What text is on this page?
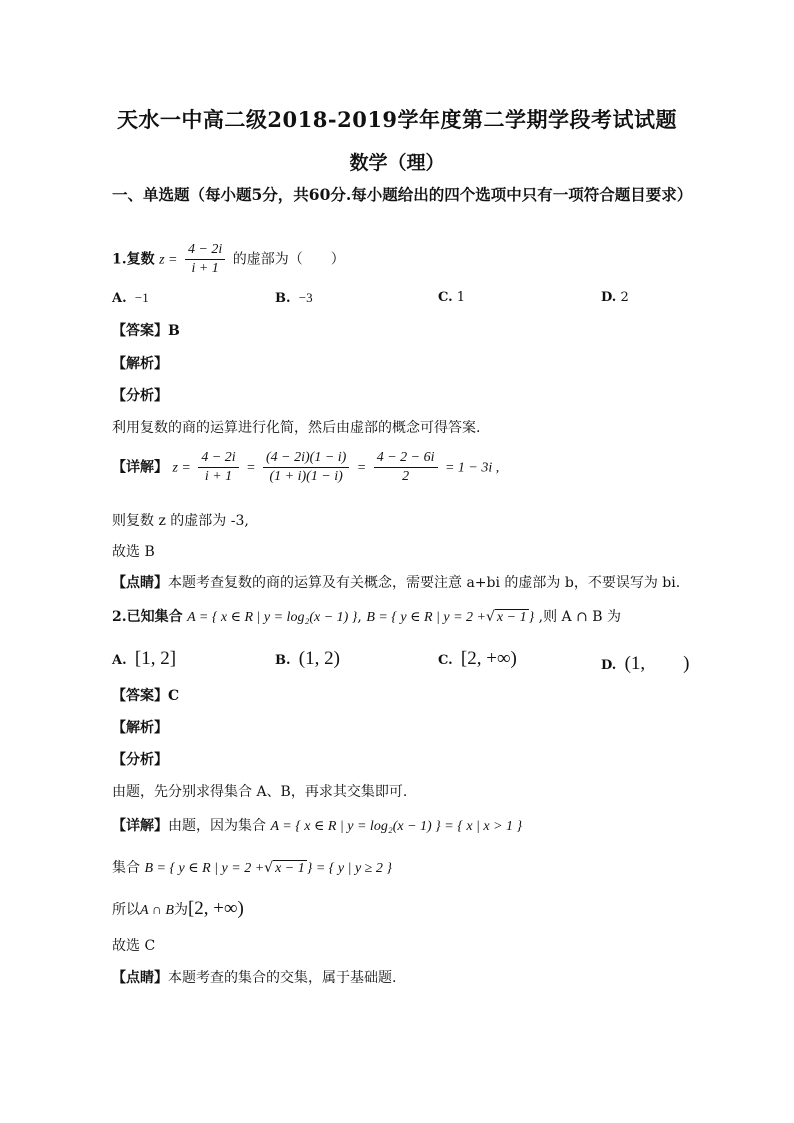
天水一中高二级2018-2019学年度第二学期学段考试试题
数学（理）
一、单选题（每小题5分，共60分.每小题给出的四个选项中只有一项符合题目要求）
1.复数 $z = \frac{4 - 2i}{i + 1}$ 的虚部为（　　）
A. −1	B. −3	C. 1	D. 2
【答案】B
【解析】
【分析】
利用复数的商的运算进行化简，然后由虚部的概念可得答案.
【详解】 $z = \frac{4 - 2i}{i + 1} = \frac{(4 - 2i)(1 - i)}{(1 + i)(1 - i)} = \frac{4 - 2 - 6i}{2} = 1 - 3i$ ,
则复数 z 的虚部为 -3,
故选 B
【点睛】本题考查复数的商的运算及有关概念，需要注意 a+bi 的虚部为 b，不要误写为 bi.
2.已知集合 A = { x ∈ R | y = log₂(x − 1) }, B = { y ∈ R | y = 2 +√ x − 1 } ,则 A ∩ B 为
A. [1, 2]	B. (1, 2)	C. [2, +∞)	D. (1,　　)
【答案】C
【解析】
【分析】
由题，先分别求得集合 A、B，再求其交集即可.
【详解】由题，因为集合 A = { x ∈ R | y = log₂(x − 1) } = { x | x > 1 }
集合 B = { y ∈ R | y = 2 +√ x − 1 } = { y | y ≥ 2 }
所以A ∩ B为[2, +∞)
故选 C
【点睛】本题考查的集合的交集，属于基础题.
